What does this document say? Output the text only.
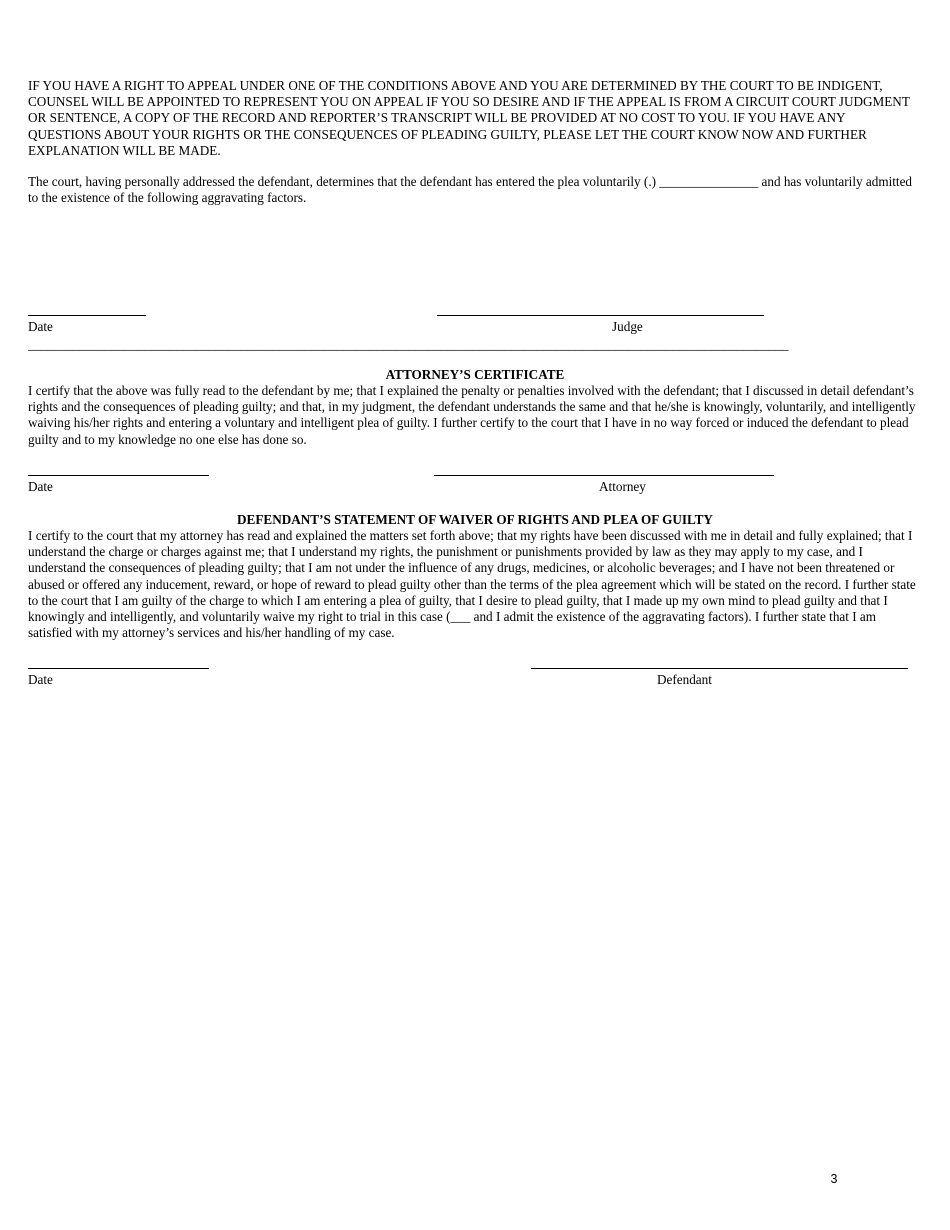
IF YOU HAVE A RIGHT TO APPEAL UNDER ONE OF THE CONDITIONS ABOVE AND YOU ARE DETERMINED BY THE COURT TO BE INDIGENT, COUNSEL WILL BE APPOINTED TO REPRESENT YOU ON APPEAL IF YOU SO DESIRE AND IF THE APPEAL IS FROM A CIRCUIT COURT JUDGMENT OR SENTENCE, A COPY OF THE RECORD AND REPORTER’S TRANSCRIPT WILL BE PROVIDED AT NO COST TO YOU. IF YOU HAVE ANY QUESTIONS ABOUT YOUR RIGHTS OR THE CONSEQUENCES OF PLEADING GUILTY, PLEASE LET THE COURT KNOW NOW AND FURTHER EXPLANATION WILL BE MADE.

The court, having personally addressed the defendant, determines that the defendant has entered the plea voluntarily (.) _______________ and has voluntarily admitted to the existence of the following aggravating factors.

Date	Judge
______________________________________________________________________________________________________________________

ATTORNEY’S CERTIFICATE

I certify that the above was fully read to the defendant by me; that I explained the penalty or penalties involved with the defendant; that I discussed in detail defendant’s rights and the consequences of pleading guilty; and that, in my judgment, the defendant understands the same and that he/she is knowingly, voluntarily, and intelligently waiving his/her rights and entering a voluntary and intelligent plea of guilty. I further certify to the court that I have in no way forced or induced the defendant to plead guilty and to my knowledge no one else has done so.

Date	Attorney

DEFENDANT’S STATEMENT OF WAIVER OF RIGHTS AND PLEA OF GUILTY

I certify to the court that my attorney has read and explained the matters set forth above; that my rights have been discussed with me in detail and fully explained; that I understand the charge or charges against me; that I understand my rights, the punishment or punishments provided by law as they may apply to my case, and I understand the consequences of pleading guilty; that I am not under the influence of any drugs, medicines, or alcoholic beverages; and I have not been threatened or abused or offered any inducement, reward, or hope of reward to plead guilty other than the terms of the plea agreement which will be stated on the record. I further state to the court that I am guilty of the charge to which I am entering a plea of guilty, that I desire to plead guilty, that I made up my own mind to plead guilty and that I knowingly and intelligently, and voluntarily waive my right to trial in this case (___ and I admit the existence of the aggravating factors). I further state that I am satisfied with my attorney’s services and his/her handling of my case.

Date	Defendant
3
